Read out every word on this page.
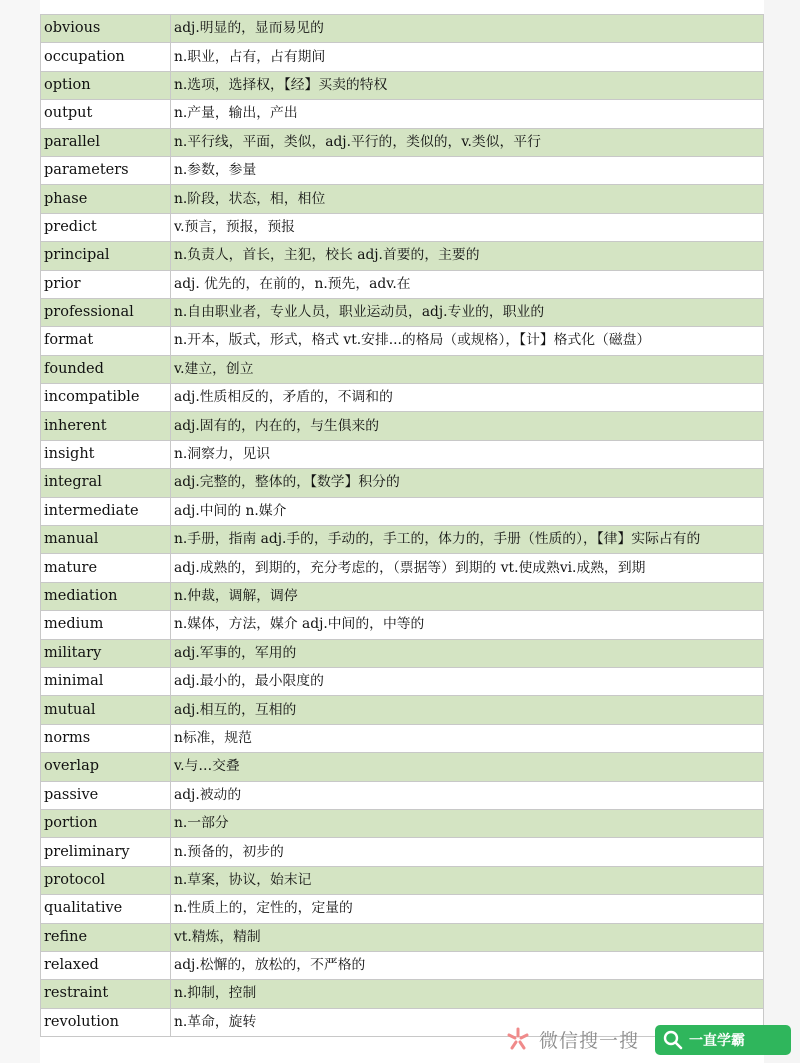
obvious	adj.明显的，显而易见的
occupation	n.职业，占有，占有期间
option	n.选项，选择权，【经】买卖的特权
output	n.产量，输出，产出
parallel	n.平行线，平面，类似，adj.平行的，类似的，v.类似，平行
parameters	n.参数，参量
phase	n.阶段，状态，相，相位
predict	v.预言，预报，预报
principal	n.负责人，首长，主犯，校长 adj.首要的，主要的
prior	adj. 优先的，在前的，n.预先，adv.在
professional	n.自由职业者，专业人员，职业运动员，adj.专业的，职业的
format	n.开本，版式，形式，格式 vt.安排...的格局（或规格），【计】格式化（磁盘）
founded	v.建立，创立
incompatible	adj.性质相反的，矛盾的，不调和的
inherent	adj.固有的，内在的，与生俱来的
insight	n.洞察力，见识
integral	adj.完整的，整体的，【数学】积分的
intermediate	adj.中间的 n.媒介
manual	n.手册，指南 adj.手的，手动的，手工的，体力的，手册（性质的），【律】实际占有的
mature	adj.成熟的，到期的，充分考虑的，（票据等）到期的 vt.使成熟vi.成熟，到期
mediation	n.仲裁，调解，调停
medium	n.媒体，方法，媒介 adj.中间的，中等的
military	adj.军事的，军用的
minimal	adj.最小的，最小限度的
mutual	adj.相互的，互相的
norms	n标准，规范
overlap	v.与…交叠
passive	adj.被动的
portion	n.一部分
preliminary	n.预备的，初步的
protocol	n.草案，协议，始末记
qualitative	n.性质上的，定性的，定量的
refine	vt.精炼，精制
relaxed	adj.松懈的，放松的，不严格的
restraint	n.抑制，控制
revolution	n.革命，旋转
微信搜一搜	一直学霸
